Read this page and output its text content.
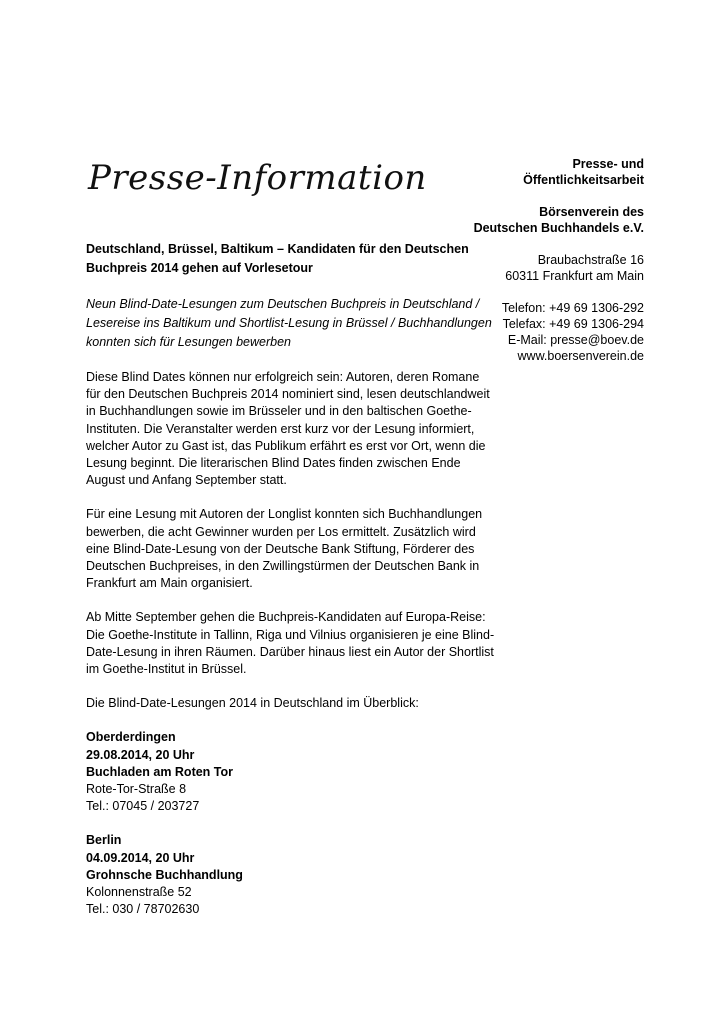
Presse-Information	Presse- und
Öffentlichkeitsarbeit
Börsenverein des
Deutschen Buchhandels e.V.
Braubachstraße 16
60311 Frankfurt am Main
Telefon: +49 69 1306-292
Telefax: +49 69 1306-294
E-Mail: presse@boev.de
www.boersenverein.de

Deutschland, Brüssel, Baltikum – Kandidaten für den Deutschen Buchpreis 2014 gehen auf Vorlesetour

Neun Blind-Date-Lesungen zum Deutschen Buchpreis in Deutschland / Lesereise ins Baltikum und Shortlist-Lesung in Brüssel / Buchhandlungen konnten sich für Lesungen bewerben

Diese Blind Dates können nur erfolgreich sein: Autoren, deren Romane für den Deutschen Buchpreis 2014 nominiert sind, lesen deutschlandweit in Buchhandlungen sowie im Brüsseler und in den baltischen Goethe-Instituten. Die Veranstalter werden erst kurz vor der Lesung informiert, welcher Autor zu Gast ist, das Publikum erfährt es erst vor Ort, wenn die Lesung beginnt. Die literarischen Blind Dates finden zwischen Ende August und Anfang September statt.

Für eine Lesung mit Autoren der Longlist konnten sich Buchhandlungen bewerben, die acht Gewinner wurden per Los ermittelt. Zusätzlich wird eine Blind-Date-Lesung von der Deutsche Bank Stiftung, Förderer des Deutschen Buchpreises, in den Zwillingstürmen der Deutschen Bank in Frankfurt am Main organisiert.

Ab Mitte September gehen die Buchpreis-Kandidaten auf Europa-Reise: Die Goethe-Institute in Tallinn, Riga und Vilnius organisieren je eine Blind-Date-Lesung in ihren Räumen. Darüber hinaus liest ein Autor der Shortlist im Goethe-Institut in Brüssel.

Die Blind-Date-Lesungen 2014 in Deutschland im Überblick:

Oberderdingen
29.08.2014, 20 Uhr
Buchladen am Roten Tor
Rote-Tor-Straße 8
Tel.: 07045 / 203727
Berlin
04.09.2014, 20 Uhr
Grohnsche Buchhandlung
Kolonnenstraße 52
Tel.: 030 / 78702630
